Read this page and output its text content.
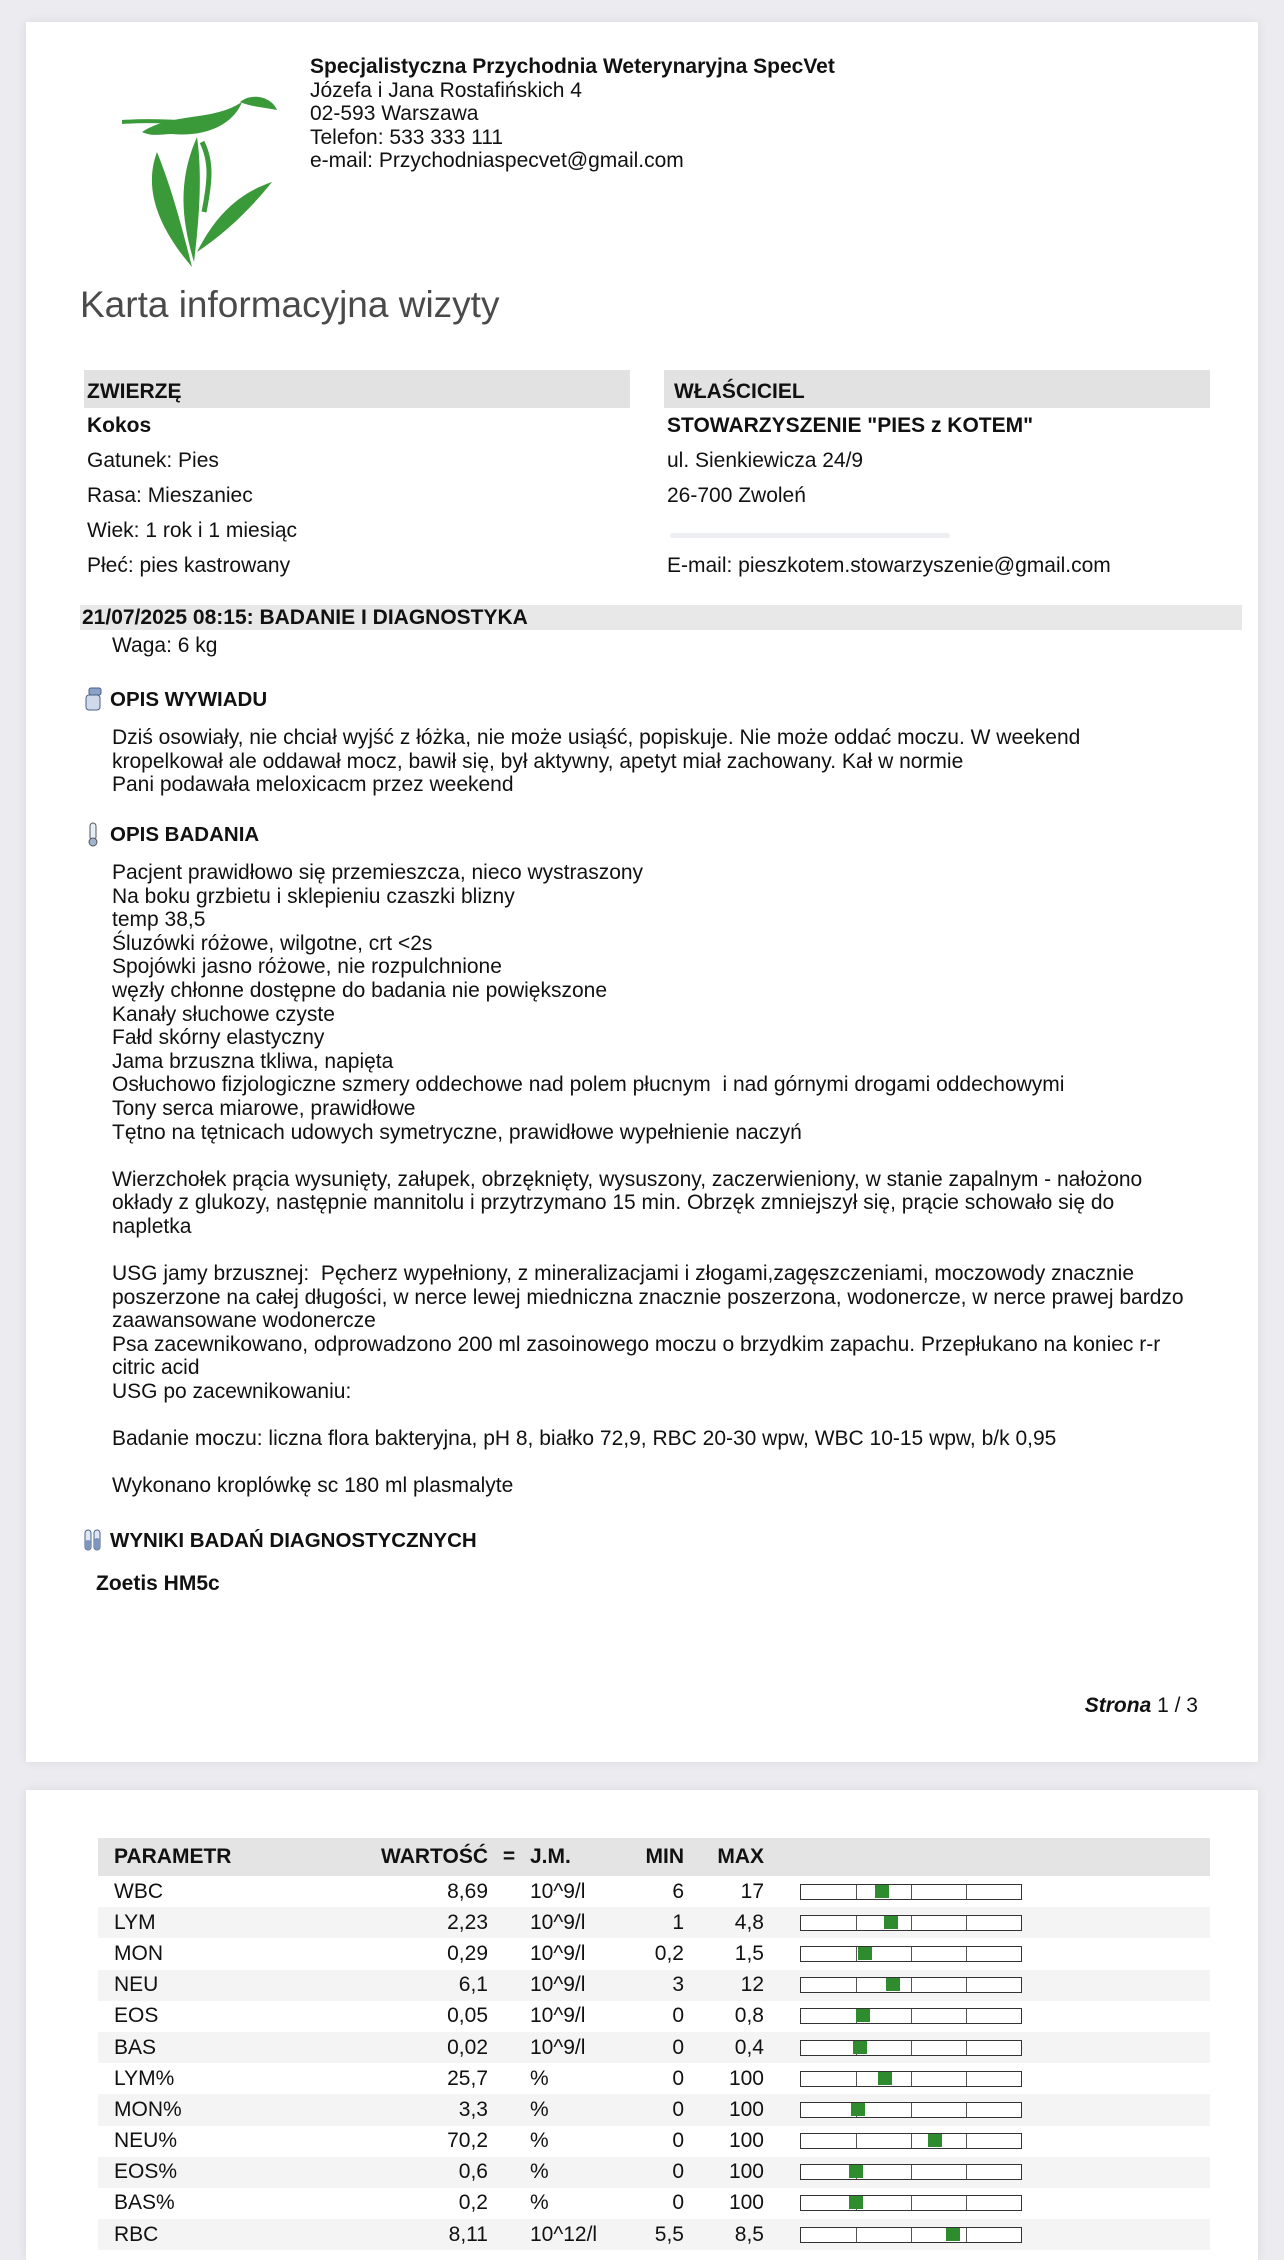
Specjalistyczna Przychodnia Weterynaryjna SpecVet
Józefa i Jana Rostafińskich 4
02-593 Warszawa
Telefon: 533 333 111
e-mail: Przychodniaspecvet@gmail.com
Karta informacyjna wizyty
ZWIERZĘ
Kokos
Gatunek: Pies
Rasa: Mieszaniec
Wiek: 1 rok i 1 miesiąc
Płeć: pies kastrowany
WŁAŚCICIEL
STOWARZYSZENIE "PIES z KOTEM"
ul. Sienkiewicza 24/9
26-700 Zwoleń
E-mail: pieszkotem.stowarzyszenie@gmail.com
21/07/2025 08:15: BADANIE I DIAGNOSTYKA
Waga: 6 kg
OPIS WYWIADU
Dziś osowiały, nie chciał wyjść z łóżka, nie może usiąść, popiskuje. Nie może oddać moczu. W weekend
kropelkował ale oddawał mocz, bawił się, był aktywny, apetyt miał zachowany. Kał w normie
Pani podawała meloxicacm przez weekend
OPIS BADANIA
Pacjent prawidłowo się przemieszcza, nieco wystraszony
Na boku grzbietu i sklepieniu czaszki blizny
temp 38,5
Śluzówki różowe, wilgotne, crt <2s
Spojówki jasno różowe, nie rozpulchnione
węzły chłonne dostępne do badania nie powiększone
Kanały słuchowe czyste
Fałd skórny elastyczny
Jama brzuszna tkliwa, napięta
Osłuchowo fizjologiczne szmery oddechowe nad polem płucnym  i nad górnymi drogami oddechowymi
Tony serca miarowe, prawidłowe
Tętno na tętnicach udowych symetryczne, prawidłowe wypełnienie naczyń

Wierzchołek prącia wysunięty, załupek, obrzęknięty, wysuszony, zaczerwieniony, w stanie zapalnym - nałożono
okłady z glukozy, następnie mannitolu i przytrzymano 15 min. Obrzęk zmniejszył się, prącie schowało się do
napletka

USG jamy brzusznej:  Pęcherz wypełniony, z mineralizacjami i złogami,zagęszczeniami, moczowody znacznie
poszerzone na całej długości, w nerce lewej miedniczna znacznie poszerzona, wodonercze, w nerce prawej bardzo
zaawansowane wodonercze
Psa zacewnikowano, odprowadzono 200 ml zasoinowego moczu o brzydkim zapachu. Przepłukano na koniec r-r
citric acid
USG po zacewnikowaniu:

Badanie moczu: liczna flora bakteryjna, pH 8, białko 72,9, RBC 20-30 wpw, WBC 10-15 wpw, b/k 0,95

Wykonano kroplówkę sc 180 ml plasmalyte
WYNIKI BADAŃ DIAGNOSTYCZNYCH
Zoetis HM5c
Strona 1 / 3
PARAMETR	WARTOŚĆ	=	J.M.	MIN	MAX	
WBC	8,69		10^9/l	6	17	

LYM	2,23		10^9/l	1	4,8	

MON	0,29		10^9/l	0,2	1,5	

NEU	6,1		10^9/l	3	12	

EOS	0,05		10^9/l	0	0,8	

BAS	0,02		10^9/l	0	0,4	

LYM%	25,7		%	0	100	

MON%	3,3		%	0	100	

NEU%	70,2		%	0	100	

EOS%	0,6		%	0	100	

BAS%	0,2		%	0	100	

RBC	8,11		10^12/l	5,5	8,5	
